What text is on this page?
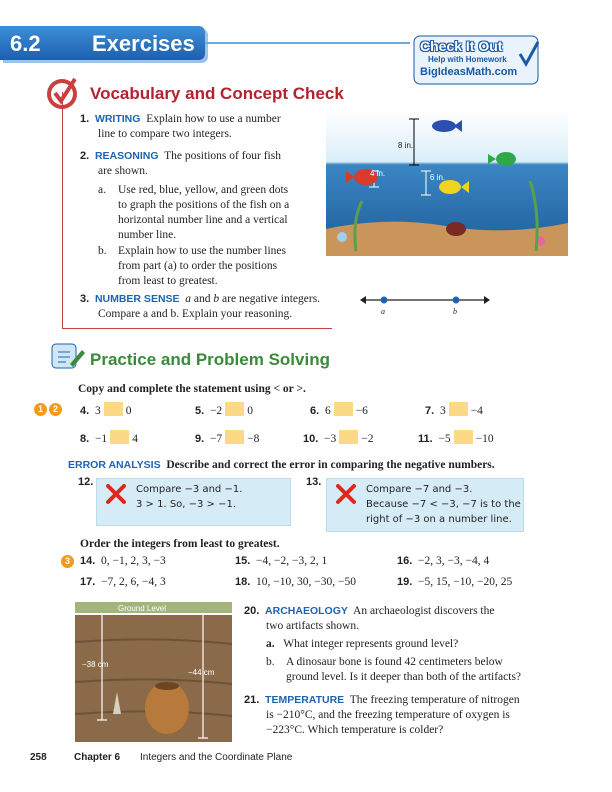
6.2 Exercises	Check It Out
Help with Homework
BigIdeasMath.com
Vocabulary and Concept Check
1. WRITING Explain how to use a number
line to compare two integers.
2. REASONING The positions of four fish
are shown.
a. Use red, blue, yellow, and green dots
to graph the positions of the fish on a
horizontal number line and a vertical
number line.
b. Explain how to use the number lines
from part (a) to order the positions
from least to greatest.
3. NUMBER SENSE a and b are negative integers.
Compare a and b. Explain your reasoning.
8 in.
4 in.	6 in.
a	b
Practice and Problem Solving
Copy and complete the statement using < or >.
1	2	4. 3 0	5. −2 0	6. 6 −6	7. 3 −4
8. −1 4	9. −7 −8	10. −3 −2	11. −5 −10
ERROR ANALYSIS Describe and correct the error in comparing the negative numbers.
12.
Compare −3 and −1.
3 > 1. So, −3 > −1.
13.
Compare −7 and −3.
Because −7 < −3, −7 is to the
right of −3 on a number line.
Order the integers from least to greatest.
3 14. 0, −1, 2, 3, −3	15. −4, −2, −3, 2, 1	16. −2, 3, −3, −4, 4
17. −7, 2, 6, −4, 3	18. 10, −10, 30, −30, −50	19. −5, 15, −10, −20, 25
Ground Level
−38 cm
−44 cm
20. ARCHAEOLOGY An archaeologist discovers the
two artifacts shown.
a. What integer represents ground level?
b. A dinosaur bone is found 42 centimeters below
ground level. Is it deeper than both of the artifacts?
21. TEMPERATURE The freezing temperature of nitrogen
is −210°C, and the freezing temperature of oxygen is
−223°C. Which temperature is colder?
258	Chapter 6 Integers and the Coordinate Plane
